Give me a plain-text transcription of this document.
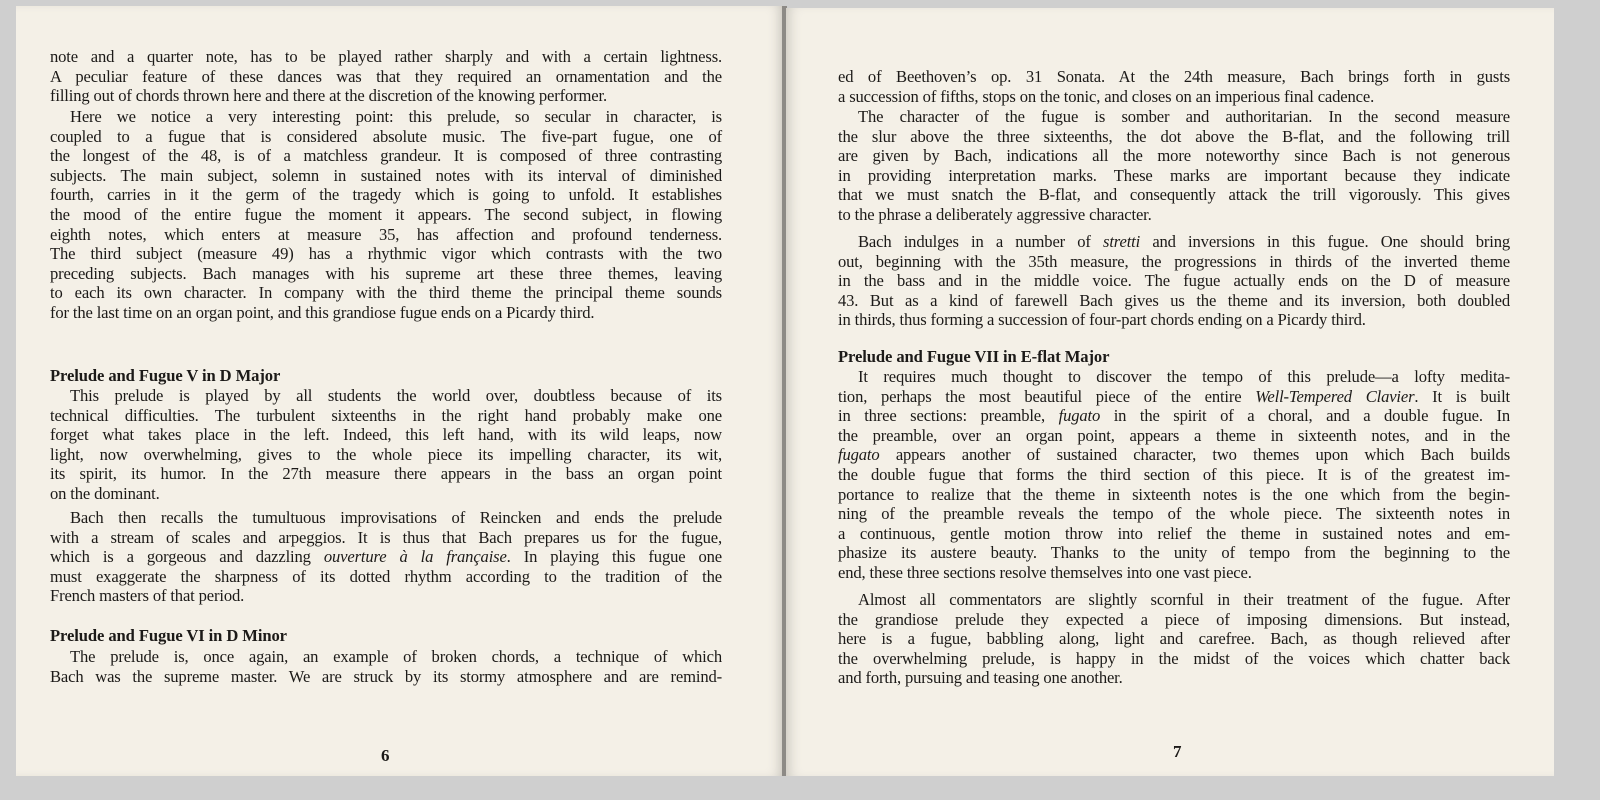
6
note and a quarter note, has to be played rather sharply and with a certain lightness.
A peculiar feature of these dances was that they required an ornamentation and the
filling out of chords thrown here and there at the discretion of the knowing performer.
Here we notice a very interesting point: this prelude, so secular in character, is
coupled to a fugue that is considered absolute music. The five-part fugue, one of
the longest of the 48, is of a matchless grandeur. It is composed of three contrasting
subjects. The main subject, solemn in sustained notes with its interval of diminished
fourth, carries in it the germ of the tragedy which is going to unfold. It establishes
the mood of the entire fugue the moment it appears. The second subject, in flowing
eighth notes, which enters at measure 35, has affection and profound tenderness.
The third subject (measure 49) has a rhythmic vigor which contrasts with the two
preceding subjects. Bach manages with his supreme art these three themes, leaving
to each its own character. In company with the third theme the principal theme sounds
for the last time on an organ point, and this grandiose fugue ends on a Picardy third.
Prelude and Fugue V in D Major
This prelude is played by all students the world over, doubtless because of its
technical difficulties. The turbulent sixteenths in the right hand probably make one
forget what takes place in the left. Indeed, this left hand, with its wild leaps, now
light, now overwhelming, gives to the whole piece its impelling character, its wit,
its spirit, its humor. In the 27th measure there appears in the bass an organ point
on the dominant.
Bach then recalls the tumultuous improvisations of Reincken and ends the prelude
with a stream of scales and arpeggios. It is thus that Bach prepares us for the fugue,
which is a gorgeous and dazzling ouverture à la française. In playing this fugue one
must exaggerate the sharpness of its dotted rhythm according to the tradition of the
French masters of that period.
Prelude and Fugue VI in D Minor
The prelude is, once again, an example of broken chords, a technique of which
Bach was the supreme master. We are struck by its stormy atmosphere and are remind-
7
ed of Beethoven’s op. 31 Sonata. At the 24th measure, Bach brings forth in gusts
a succession of fifths, stops on the tonic, and closes on an imperious final cadence.
The character of the fugue is somber and authoritarian. In the second measure
the slur above the three sixteenths, the dot above the B-flat, and the following trill
are given by Bach, indications all the more noteworthy since Bach is not generous
in providing interpretation marks. These marks are important because they indicate
that we must snatch the B-flat, and consequently attack the trill vigorously. This gives
to the phrase a deliberately aggressive character.
Bach indulges in a number of stretti and inversions in this fugue. One should bring
out, beginning with the 35th measure, the progressions in thirds of the inverted theme
in the bass and in the middle voice. The fugue actually ends on the D of measure
43. But as a kind of farewell Bach gives us the theme and its inversion, both doubled
in thirds, thus forming a succession of four-part chords ending on a Picardy third.
Prelude and Fugue VII in E-flat Major
It requires much thought to discover the tempo of this prelude—a lofty medita-
tion, perhaps the most beautiful piece of the entire Well-Tempered Clavier. It is built
in three sections: preamble, fugato in the spirit of a choral, and a double fugue. In
the preamble, over an organ point, appears a theme in sixteenth notes, and in the
fugato appears another of sustained character, two themes upon which Bach builds
the double fugue that forms the third section of this piece. It is of the greatest im-
portance to realize that the theme in sixteenth notes is the one which from the begin-
ning of the preamble reveals the tempo of the whole piece. The sixteenth notes in
a continuous, gentle motion throw into relief the theme in sustained notes and em-
phasize its austere beauty. Thanks to the unity of tempo from the beginning to the
end, these three sections resolve themselves into one vast piece.
Almost all commentators are slightly scornful in their treatment of the fugue. After
the grandiose prelude they expected a piece of imposing dimensions. But instead,
here is a fugue, babbling along, light and carefree. Bach, as though relieved after
the overwhelming prelude, is happy in the midst of the voices which chatter back
and forth, pursuing and teasing one another.
